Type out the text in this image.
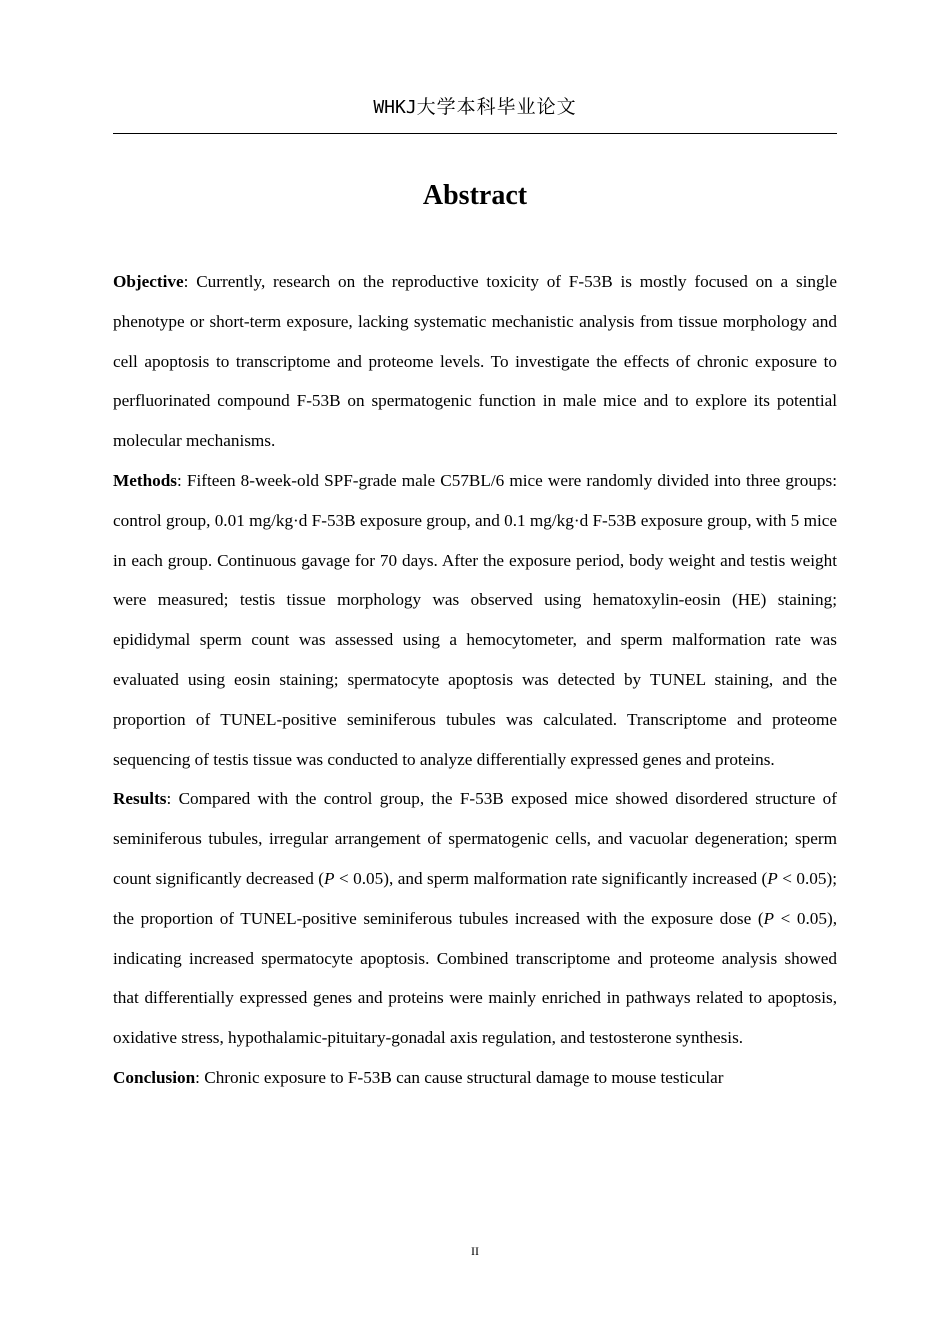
WHKJ大学本科毕业论文
Abstract

Objective: Currently, research on the reproductive toxicity of F-53B is mostly focused on a single phenotype or short-term exposure, lacking systematic mechanistic analysis from tissue morphology and cell apoptosis to transcriptome and proteome levels. To investigate the effects of chronic exposure to perfluorinated compound F-53B on spermatogenic function in male mice and to explore its potential molecular mechanisms.

Methods: Fifteen 8-week-old SPF-grade male C57BL/6 mice were randomly divided into three groups: control group, 0.01 mg/kg·d F-53B exposure group, and 0.1 mg/kg·d F-53B exposure group, with 5 mice in each group. Continuous gavage for 70 days. After the exposure period, body weight and testis weight were measured; testis tissue morphology was observed using hematoxylin-eosin (HE) staining; epididymal sperm count was assessed using a hemocytometer, and sperm malformation rate was evaluated using eosin staining; spermatocyte apoptosis was detected by TUNEL staining, and the proportion of TUNEL-positive seminiferous tubules was calculated. Transcriptome and proteome sequencing of testis tissue was conducted to analyze differentially expressed genes and proteins.

Results: Compared with the control group, the F-53B exposed mice showed disordered structure of seminiferous tubules, irregular arrangement of spermatogenic cells, and vacuolar degeneration; sperm count significantly decreased (P < 0.05), and sperm malformation rate significantly increased (P < 0.05); the proportion of TUNEL-positive seminiferous tubules increased with the exposure dose (P < 0.05), indicating increased spermatocyte apoptosis. Combined transcriptome and proteome analysis showed that differentially expressed genes and proteins were mainly enriched in pathways related to apoptosis, oxidative stress, hypothalamic-pituitary-gonadal axis regulation, and testosterone synthesis.

Conclusion: Chronic exposure to F-53B can cause structural damage to mouse testicular

II
